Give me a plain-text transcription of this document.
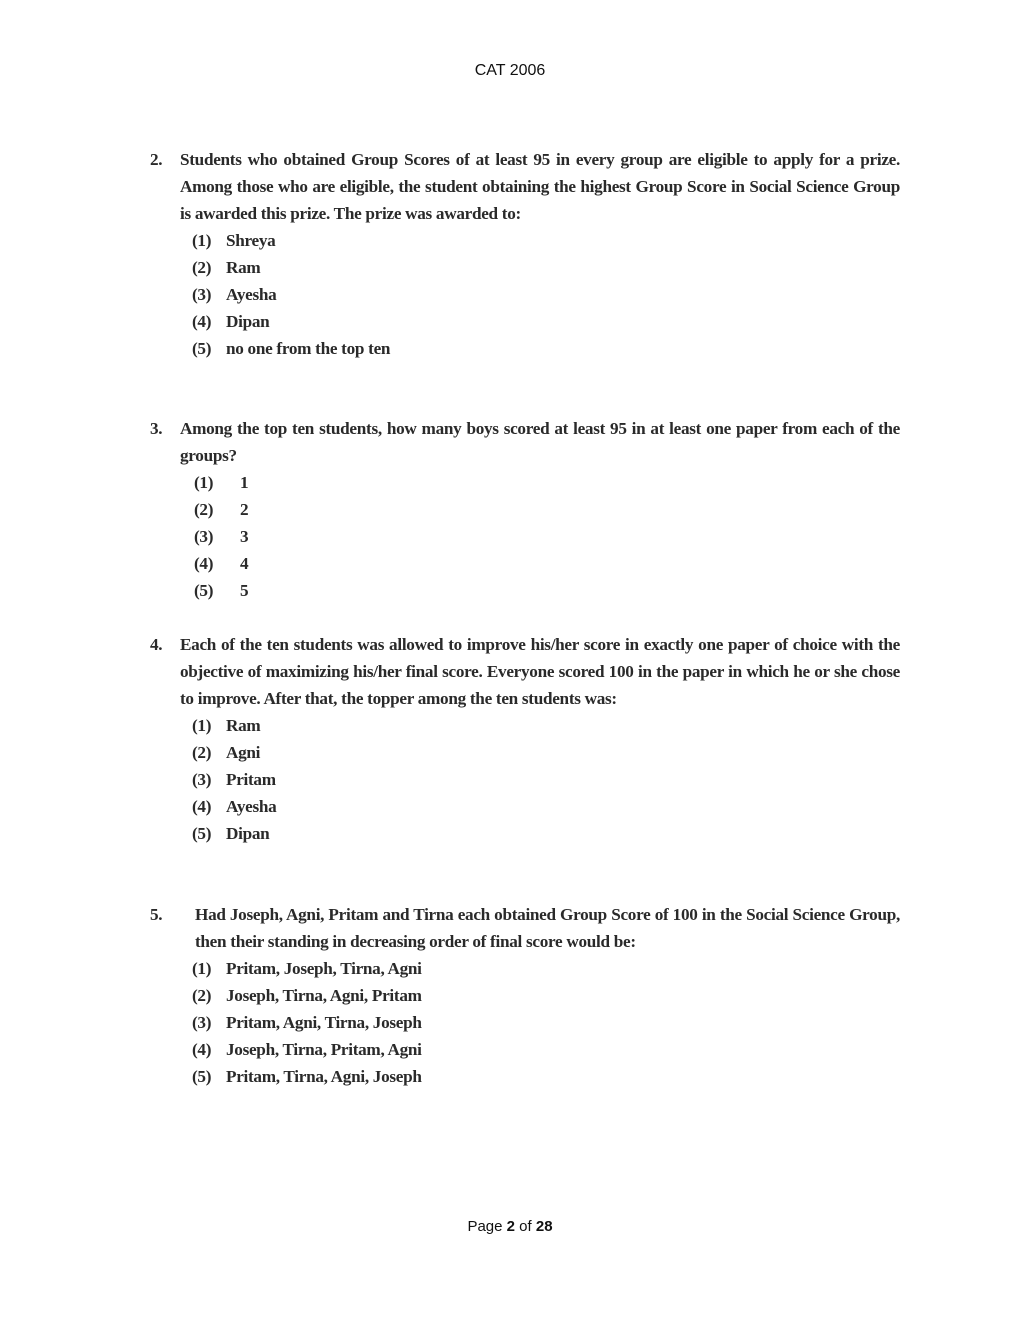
CAT 2006
2. Students who obtained Group Scores of at least 95 in every group are eligible to apply for a prize. Among those who are eligible, the student obtaining the highest Group Score in Social Science Group is awarded this prize. The prize was awarded to:
(1) Shreya
(2) Ram
(3) Ayesha
(4) Dipan
(5) no one from the top ten
3. Among the top ten students, how many boys scored at least 95 in at least one paper from each of the groups?
(1)	1
(2)	2
(3)	3
(4)	4
(5)	5
4. Each of the ten students was allowed to improve his/her score in exactly one paper of choice with the objective of maximizing his/her final score. Everyone scored 100 in the paper in which he or she chose to improve. After that, the topper among the ten students was:
(1) Ram
(2) Agni
(3) Pritam
(4) Ayesha
(5) Dipan
5. Had Joseph, Agni, Pritam and Tirna each obtained Group Score of 100 in the Social Science Group, then their standing in decreasing order of final score would be:
(1) Pritam, Joseph, Tirna, Agni
(2) Joseph, Tirna, Agni, Pritam
(3) Pritam, Agni, Tirna, Joseph
(4) Joseph, Tirna, Pritam, Agni
(5) Pritam, Tirna, Agni, Joseph
Page 2 of 28
